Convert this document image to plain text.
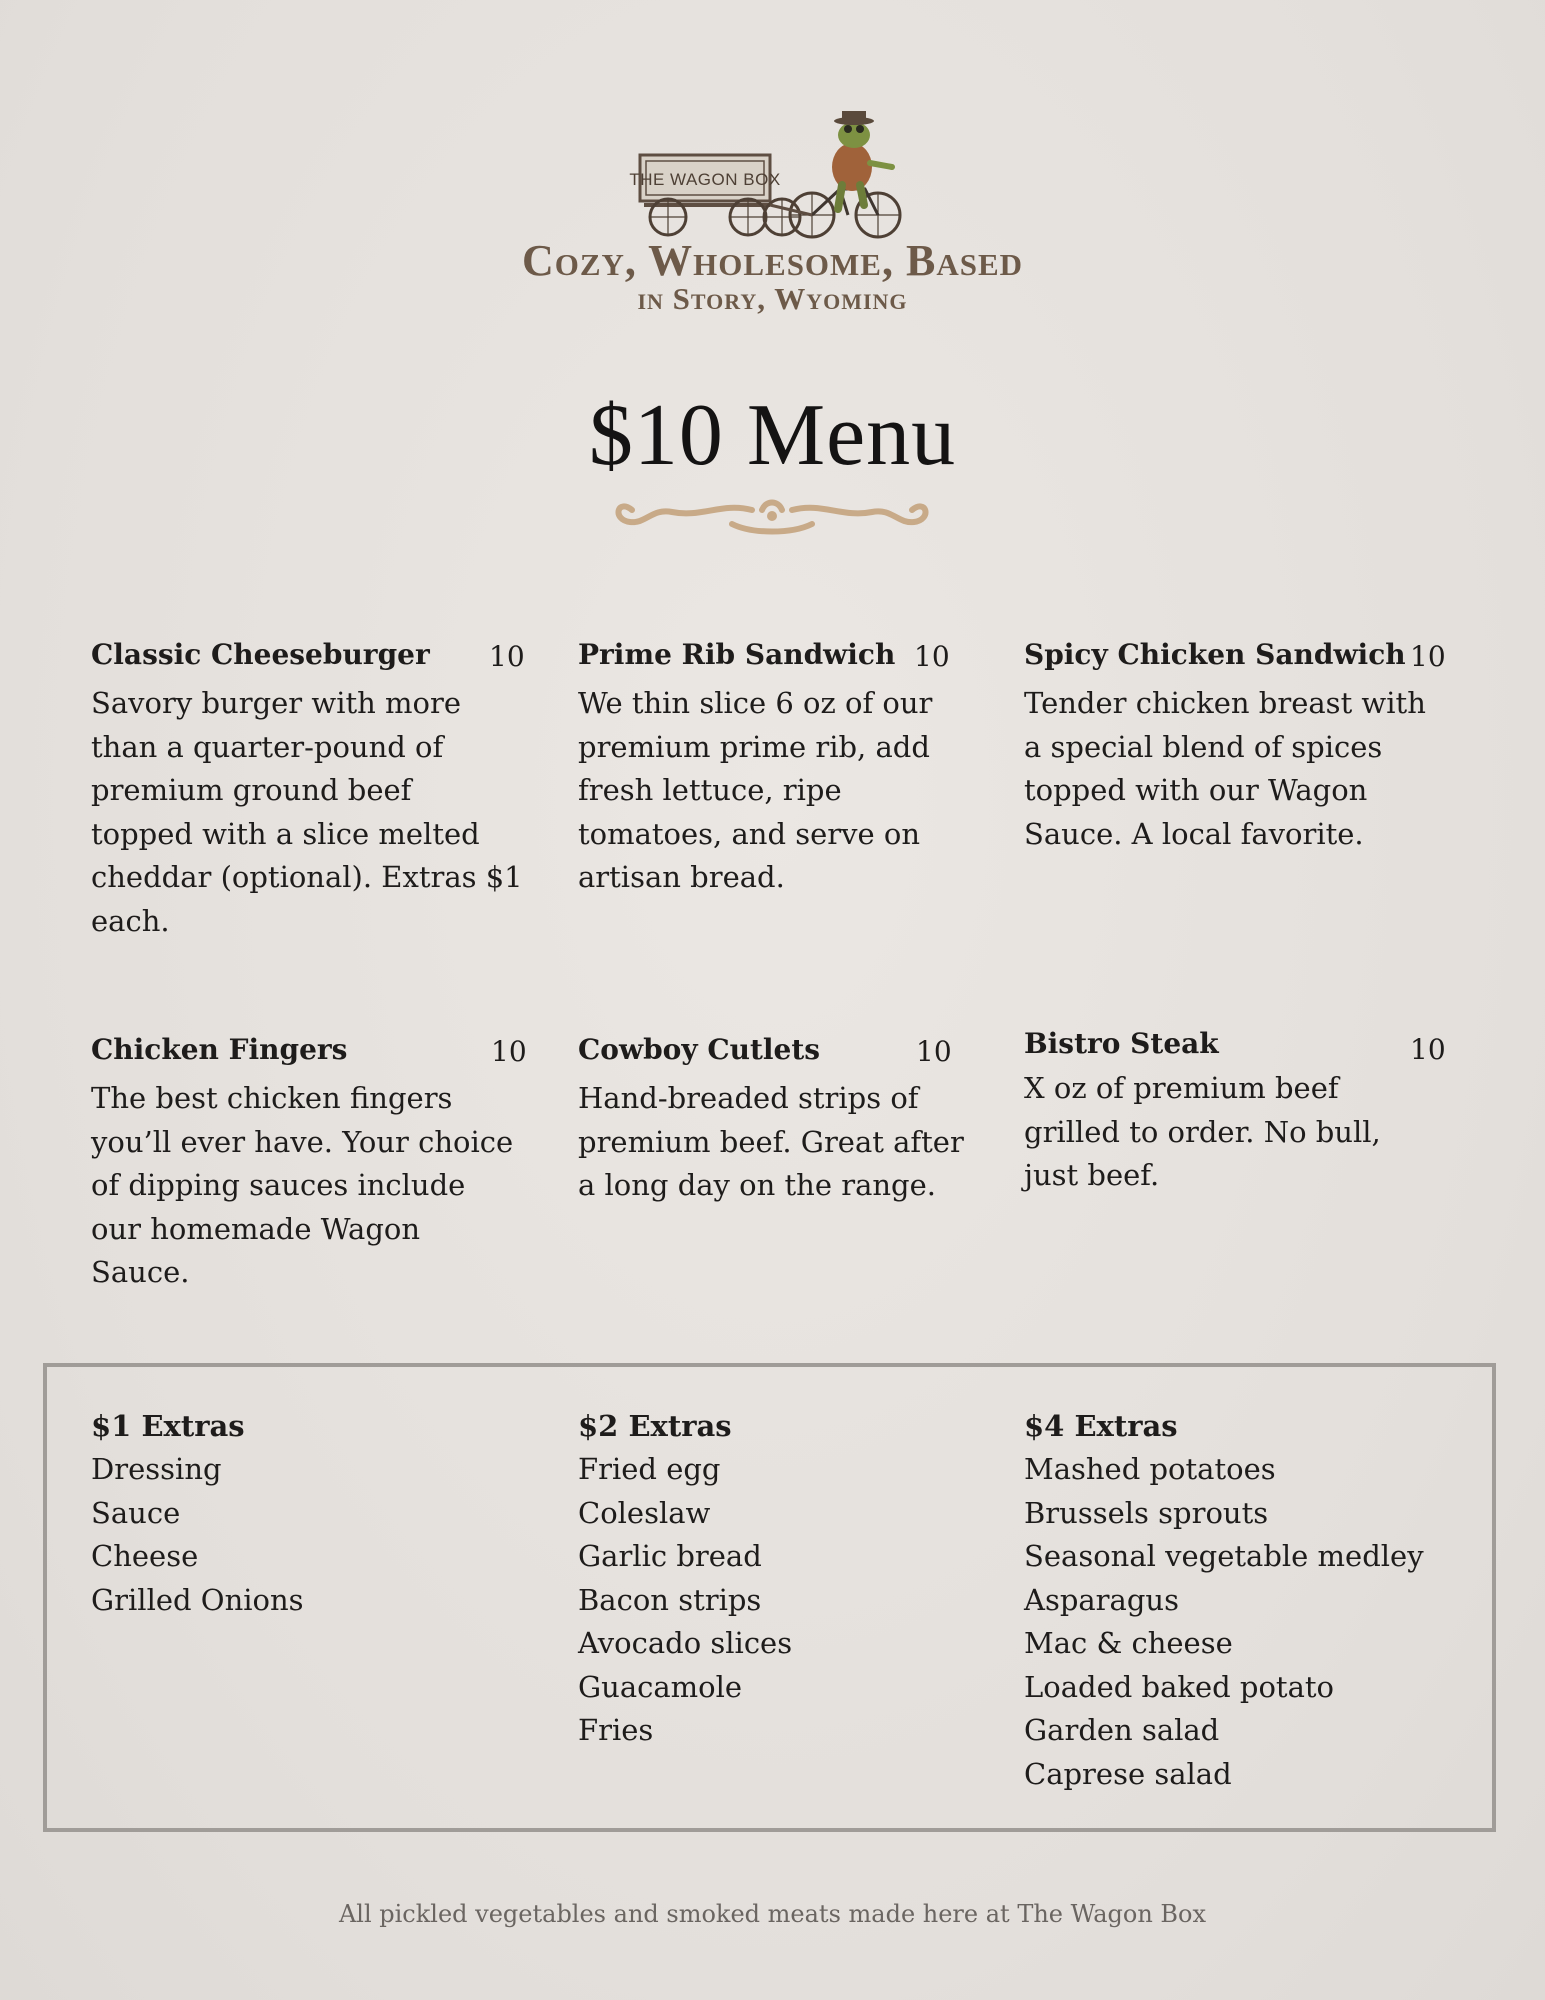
THE WAGON BOX
Cozy, Wholesome, Based
in Story, Wyoming
$10 Menu
Classic Cheeseburger 10
Savory burger with more
than a quarter-pound of
premium ground beef
topped with a slice melted
cheddar (optional). Extras $1
each.
Prime Rib Sandwich 10
We thin slice 6 oz of our
premium prime rib, add
fresh lettuce, ripe
tomatoes, and serve on
artisan bread.
Spicy Chicken Sandwich 10
Tender chicken breast with
a special blend of spices
topped with our Wagon
Sauce. A local favorite.
Chicken Fingers	10
The best chicken fingers
you’ll ever have. Your choice
of dipping sauces include
our homemade Wagon
Sauce.
Cowboy Cutlets	10
Hand-breaded strips of
premium beef. Great after
a long day on the range.
Bistro Steak	10
X oz of premium beef
grilled to order. No bull,
just beef.
$1 Extras
Dressing
Sauce
Cheese
Grilled Onions
$2 Extras
Fried egg
Coleslaw
Garlic bread
Bacon strips
Avocado slices
Guacamole
Fries
$4 Extras
Mashed potatoes
Brussels sprouts
Seasonal vegetable medley
Asparagus
Mac & cheese
Loaded baked potato
Garden salad
Caprese salad
All pickled vegetables and smoked meats made here at The Wagon Box
